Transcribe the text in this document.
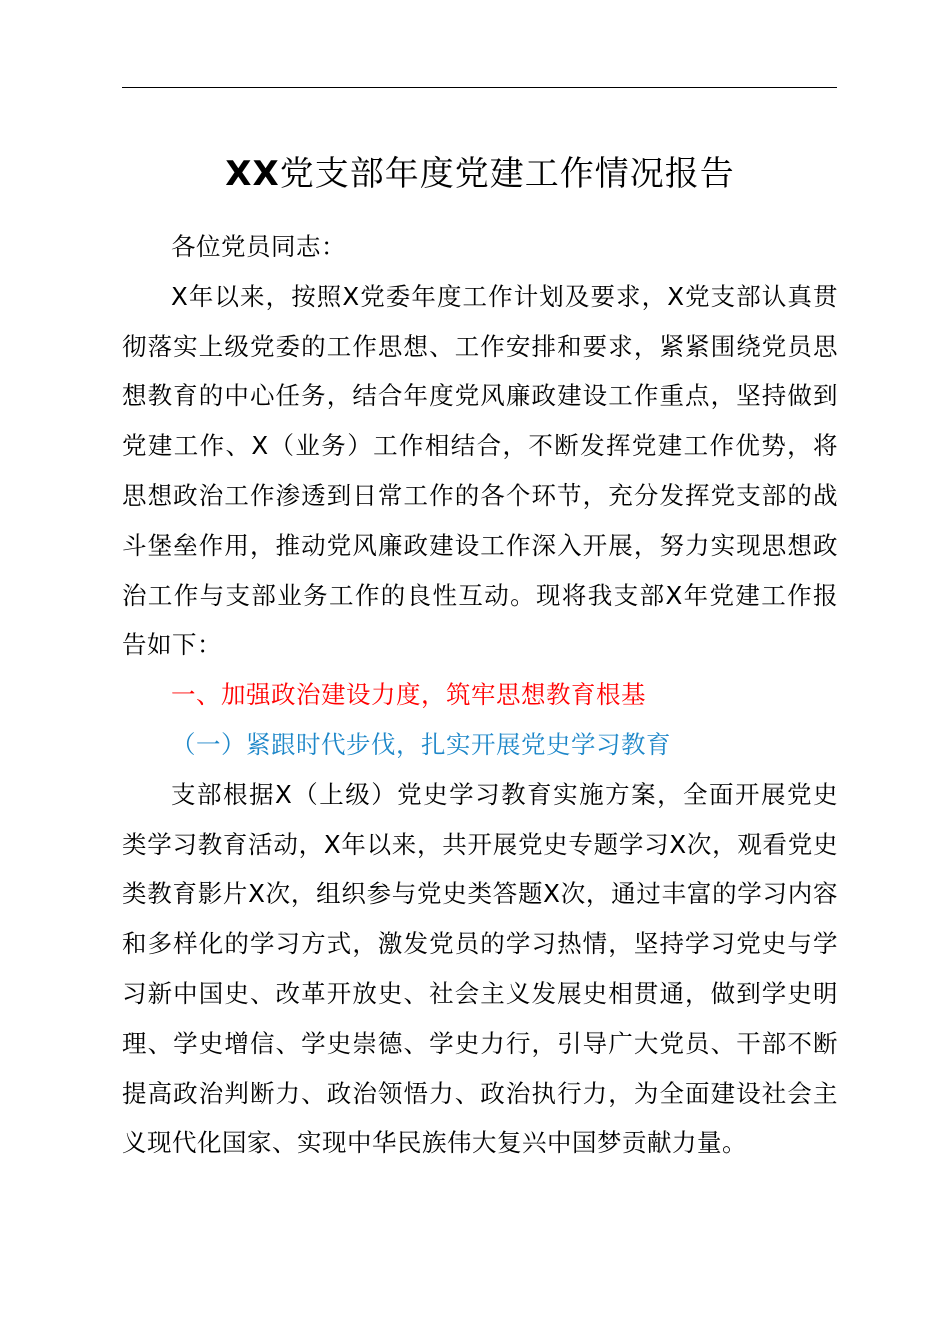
XX党支部年度党建工作情况报告

各位党员同志：

X年以来，按照X党委年度工作计划及要求，X党支部认真贯彻落实上级党委的工作思想、工作安排和要求，紧紧围绕党员思想教育的中心任务，结合年度党风廉政建设工作重点，坚持做到党建工作、X（业务）工作相结合，不断发挥党建工作优势，将思想政治工作渗透到日常工作的各个环节，充分发挥党支部的战斗堡垒作用，推动党风廉政建设工作深入开展，努力实现思想政治工作与支部业务工作的良性互动。现将我支部X年党建工作报告如下：

一、加强政治建设力度，筑牢思想教育根基

（一）紧跟时代步伐，扎实开展党史学习教育

支部根据X（上级）党史学习教育实施方案，全面开展党史类学习教育活动，X年以来，共开展党史专题学习X次，观看党史类教育影片X次，组织参与党史类答题X次，通过丰富的学习内容和多样化的学习方式，激发党员的学习热情，坚持学习党史与学习新中国史、改革开放史、社会主义发展史相贯通，做到学史明理、学史增信、学史崇德、学史力行，引导广大党员、干部不断提高政治判断力、政治领悟力、政治执行力，为全面建设社会主义现代化国家、实现中华民族伟大复兴中国梦贡献力量。
